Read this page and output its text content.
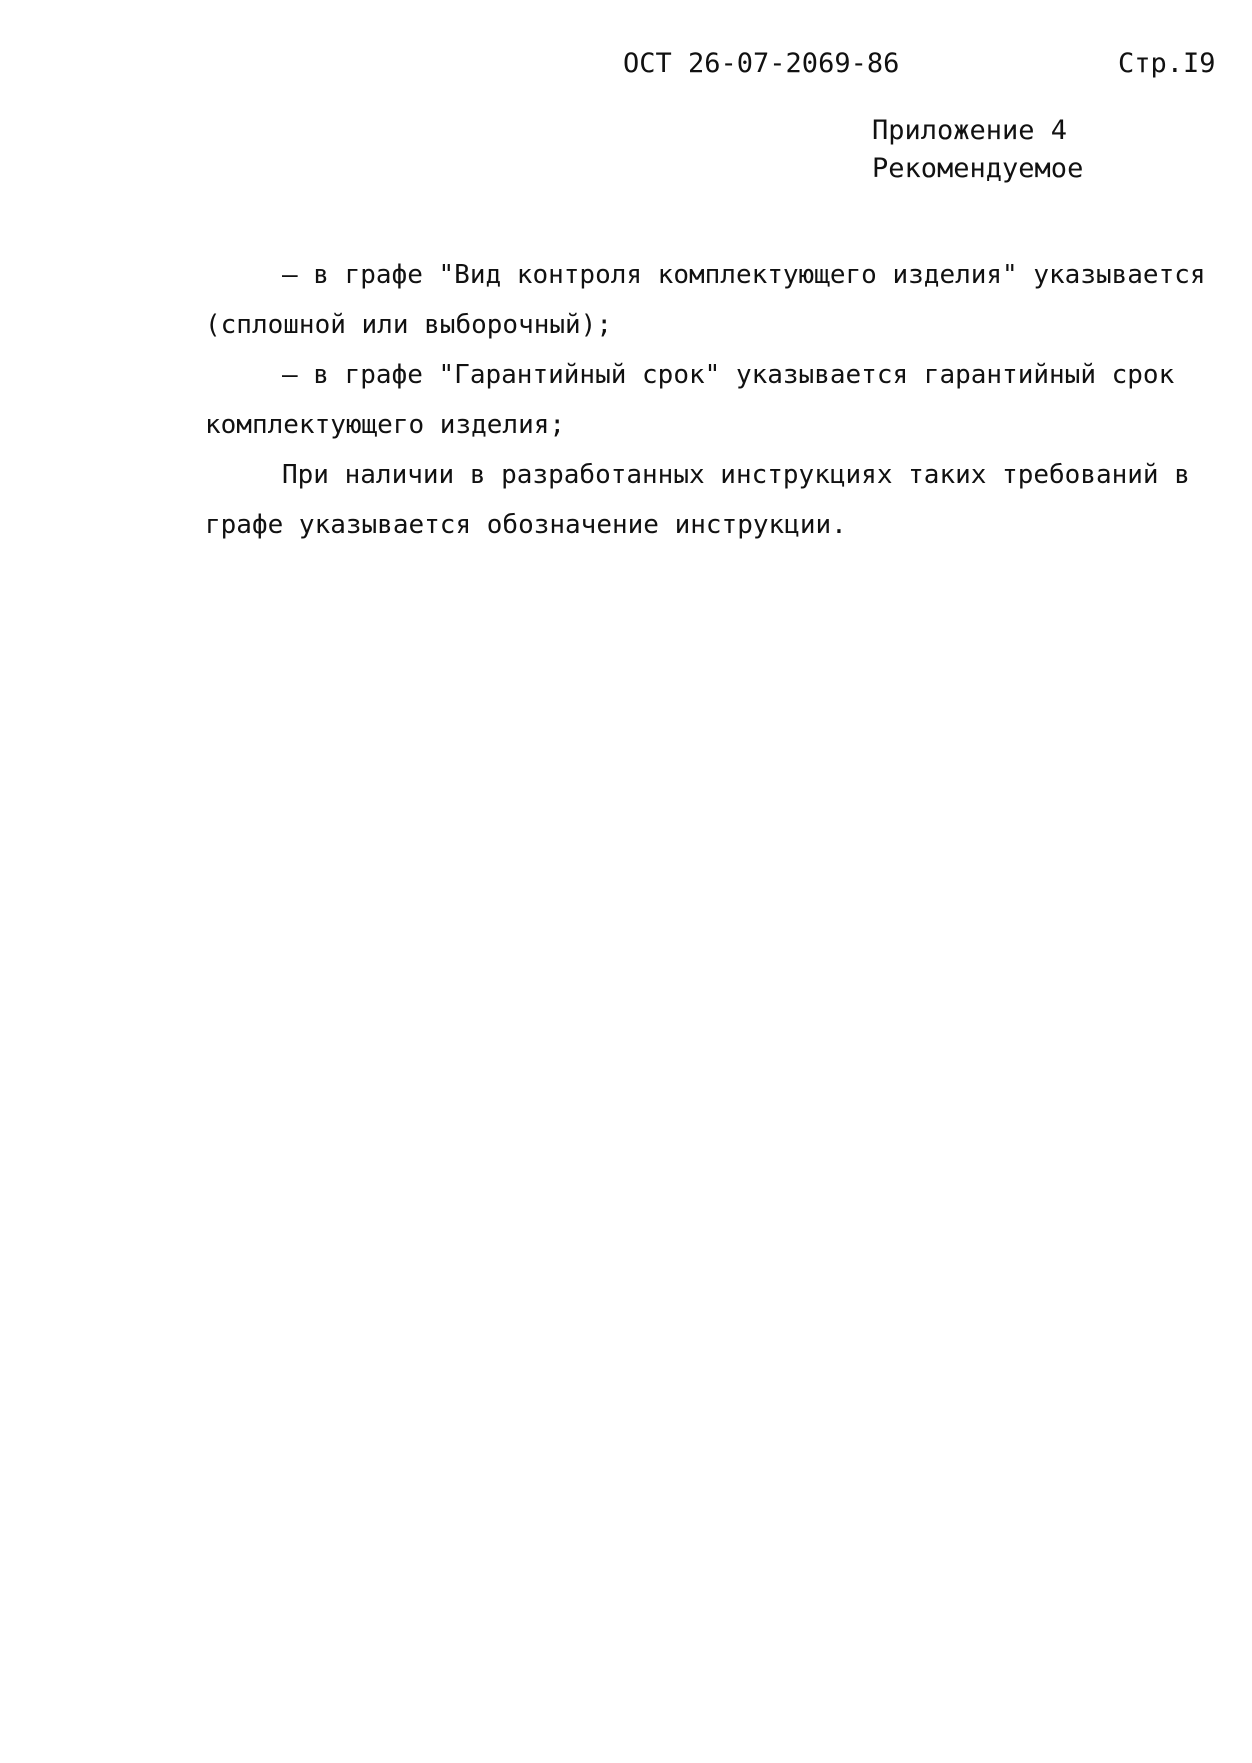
ОСТ 26-07-2069-86	Стр.I9
Приложение 4
Рекомендуемое
– в графе "Вид контроля комплектующего изделия" указывается
(сплошной или выборочный);
– в графе "Гарантийный срок" указывается гарантийный срок
комплектующего изделия;
При наличии в разработанных инструкциях таких требований в
графе указывается обозначение инструкции.
